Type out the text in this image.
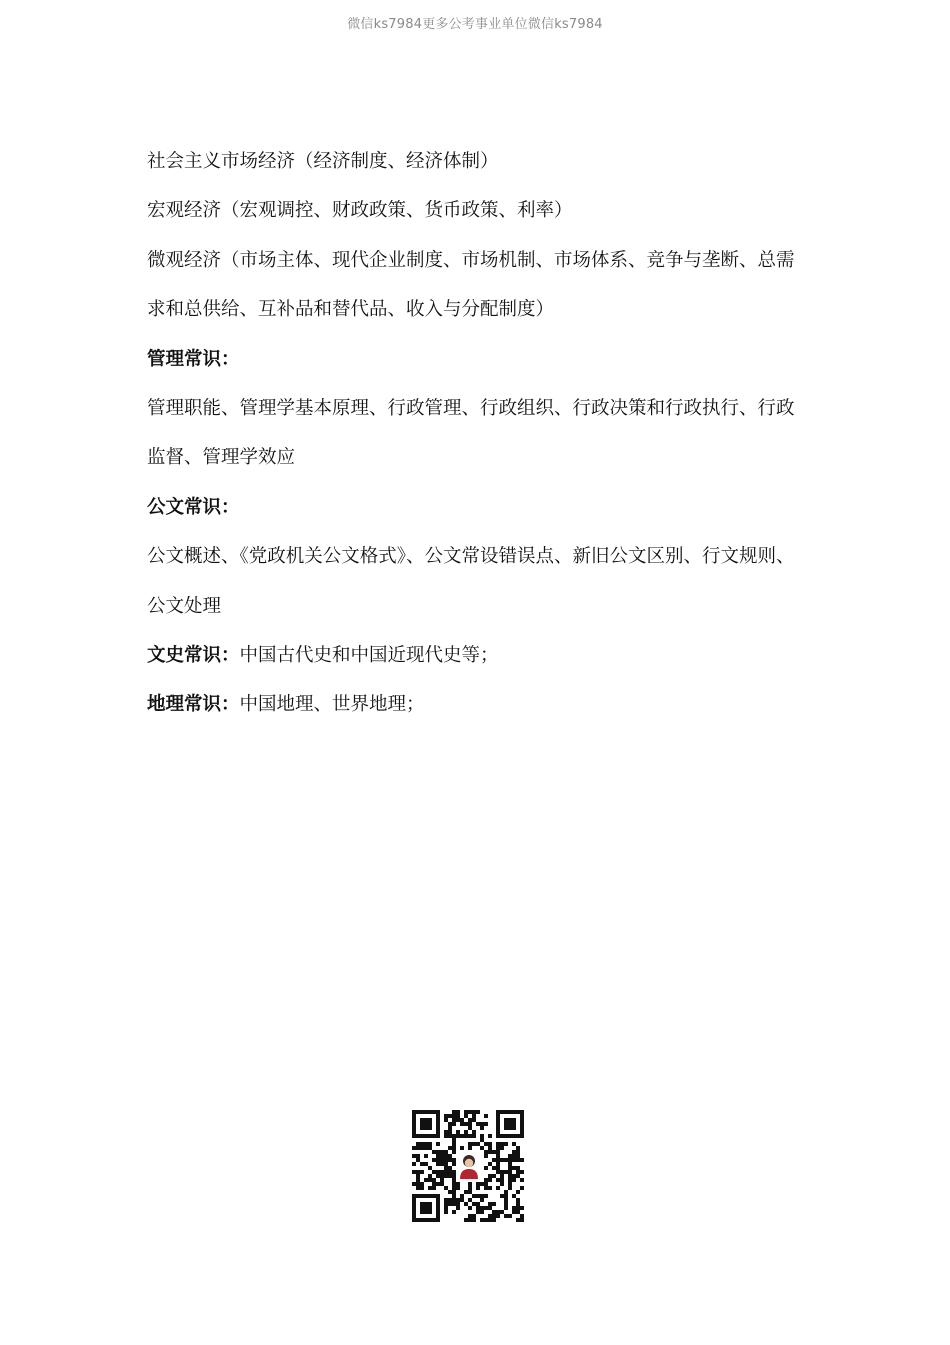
微信ks7984更多公考事业单位微信ks7984

社会主义市场经济（经济制度、经济体制）

宏观经济（宏观调控、财政政策、货币政策、利率）

微观经济（市场主体、现代企业制度、市场机制、市场体系、竞争与垄断、总需求和总供给、互补品和替代品、收入与分配制度）

管理常识：

管理职能、管理学基本原理、行政管理、行政组织、行政决策和行政执行、行政监督、管理学效应

公文常识：

公文概述、《党政机关公文格式》、公文常设错误点、新旧公文区别、行文规则、公文处理

文史常识：中国古代史和中国近现代史等；

地理常识：中国地理、世界地理；
